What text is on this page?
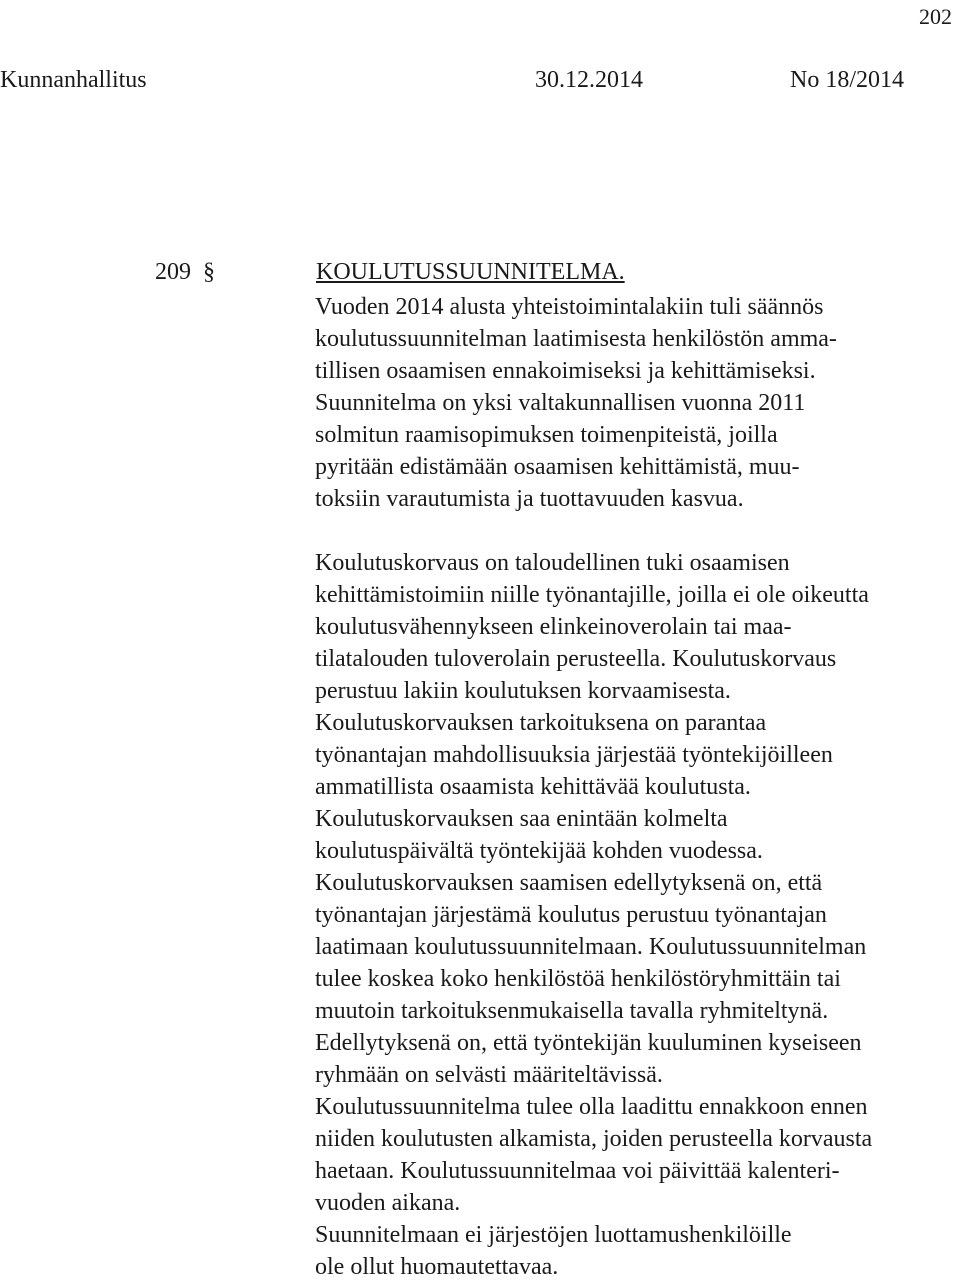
202
Kunnanhallitus	30.12.2014	No 18/2014
209 §	KOULUTUSSUUNNITELMA.
Vuoden 2014 alusta yhteistoimintalakiin tuli säännös
koulutussuunnitelman laatimisesta henkilöstön amma-
tillisen osaamisen ennakoimiseksi ja kehittämiseksi.
Suunnitelma on yksi valtakunnallisen vuonna 2011
solmitun raamisopimuksen toimenpiteistä, joilla
pyritään edistämään osaamisen kehittämistä, muu-
toksiin varautumista ja tuottavuuden kasvua.
Koulutuskorvaus on taloudellinen tuki osaamisen
kehittämistoimiin niille työnantajille, joilla ei ole oikeutta
koulutusvähennykseen elinkeinoverolain tai maa-
tilatalouden tuloverolain perusteella. Koulutuskorvaus
perustuu lakiin koulutuksen korvaamisesta.
Koulutuskorvauksen tarkoituksena on parantaa
työnantajan mahdollisuuksia järjestää työntekijöilleen
ammatillista osaamista kehittävää koulutusta.
Koulutuskorvauksen saa enintään kolmelta
koulutuspäivältä työntekijää kohden vuodessa.
Koulutuskorvauksen saamisen edellytyksenä on, että
työnantajan järjestämä koulutus perustuu työnantajan
laatimaan koulutussuunnitelmaan. Koulutussuunnitelman
tulee koskea koko henkilöstöä henkilöstöryhmittäin tai
muutoin tarkoituksenmukaisella tavalla ryhmiteltynä.
Edellytyksenä on, että työntekijän kuuluminen kyseiseen
ryhmään on selvästi määriteltävissä.
Koulutussuunnitelma tulee olla laadittu ennakkoon ennen
niiden koulutusten alkamista, joiden perusteella korvausta
haetaan. Koulutussuunnitelmaa voi päivittää kalenteri-
vuoden aikana.
Suunnitelmaan ei järjestöjen luottamushenkilöille
ole ollut huomautettavaa.
